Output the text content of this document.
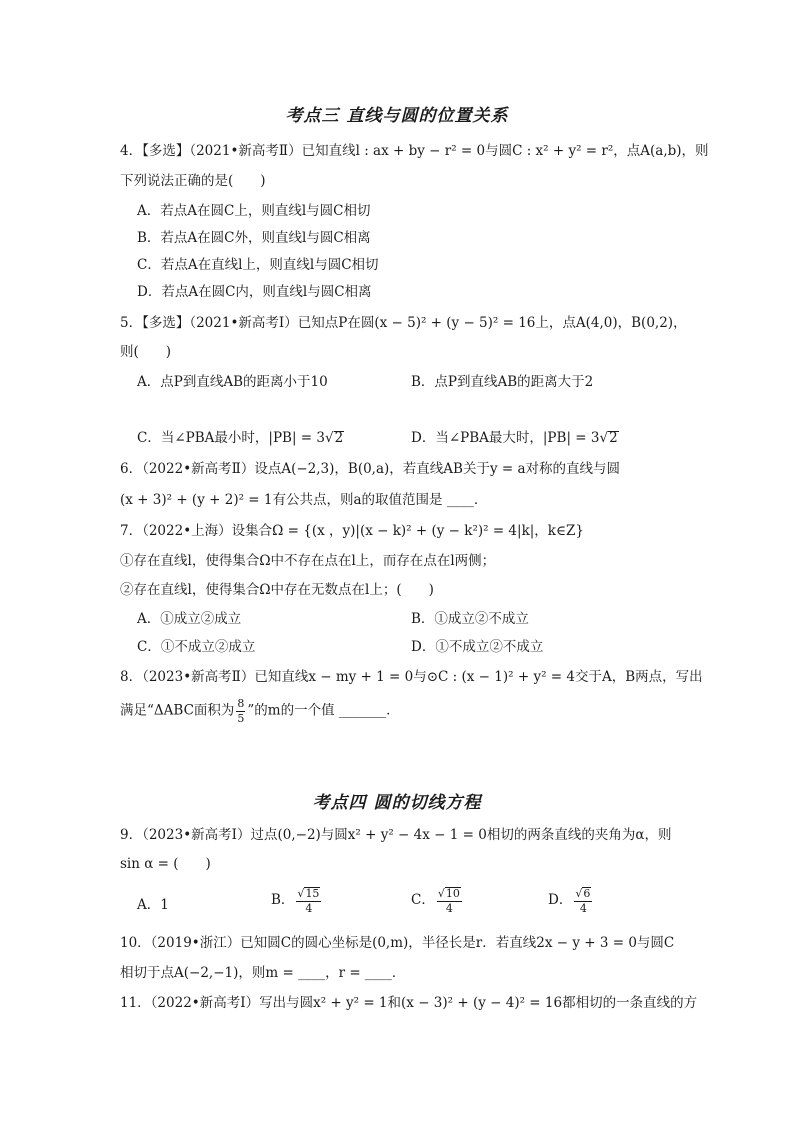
考点三 直线与圆的位置关系
4．【多选】（2021•新高考Ⅱ）已知直线l : ax + by − r² = 0与圆C : x² + y² = r²，点A(a,b)，则
下列说法正确的是(　　)
A．若点A在圆C上，则直线l与圆C相切
B．若点A在圆C外，则直线l与圆C相离
C．若点A在直线l上，则直线l与圆C相切
D．若点A在圆C内，则直线l与圆C相离
5．【多选】（2021•新高考Ⅰ）已知点P在圆(x − 5)² + (y − 5)² = 16上，点A(4,0)，B(0,2)，
则(　　)
A．点P到直线AB的距离小于10	B．点P到直线AB的距离大于2
C．当∠PBA最小时，|PB| = 3√2	D．当∠PBA最大时，|PB| = 3√2
6．（2022•新高考Ⅱ）设点A(−2,3)，B(0,a)，若直线AB关于y = a对称的直线与圆
(x + 3)² + (y + 2)² = 1有公共点，则a的取值范围是 ____．
7．（2022•上海）设集合Ω = {(x ，y)|(x − k)² + (y − k²)² = 4|k|，k∈Z}
①存在直线l，使得集合Ω中不存在点在l上，而存在点在l两侧；
②存在直线l，使得集合Ω中存在无数点在l上；(　　)
A．①成立②成立	B．①成立②不成立
C．①不成立②成立	D．①不成立②不成立
8．（2023•新高考Ⅱ）已知直线x − my + 1 = 0与⊙C : (x − 1)² + y² = 4交于A，B两点，写出
满足“ΔABC面积为 $\frac{8}{5}$ ”的m的一个值 _______．
考点四 圆的切线方程
9．（2023•新高考Ⅰ）过点(0,−2)与圆x² + y² − 4x − 1 = 0相切的两条直线的夹角为α，则
sin α = (　　)
A．1	B． $\frac{√15}{4}$	C． $\frac{√10}{4}$	D． $\frac{√6}{4}$
10．（2019•浙江）已知圆C的圆心坐标是(0,m)，半径长是r．若直线2x − y + 3 = 0与圆C
相切于点A(−2,−1)，则m = ____，r = ____．
11．（2022•新高考Ⅰ）写出与圆x² + y² = 1和(x − 3)² + (y − 4)² = 16都相切的一条直线的方
